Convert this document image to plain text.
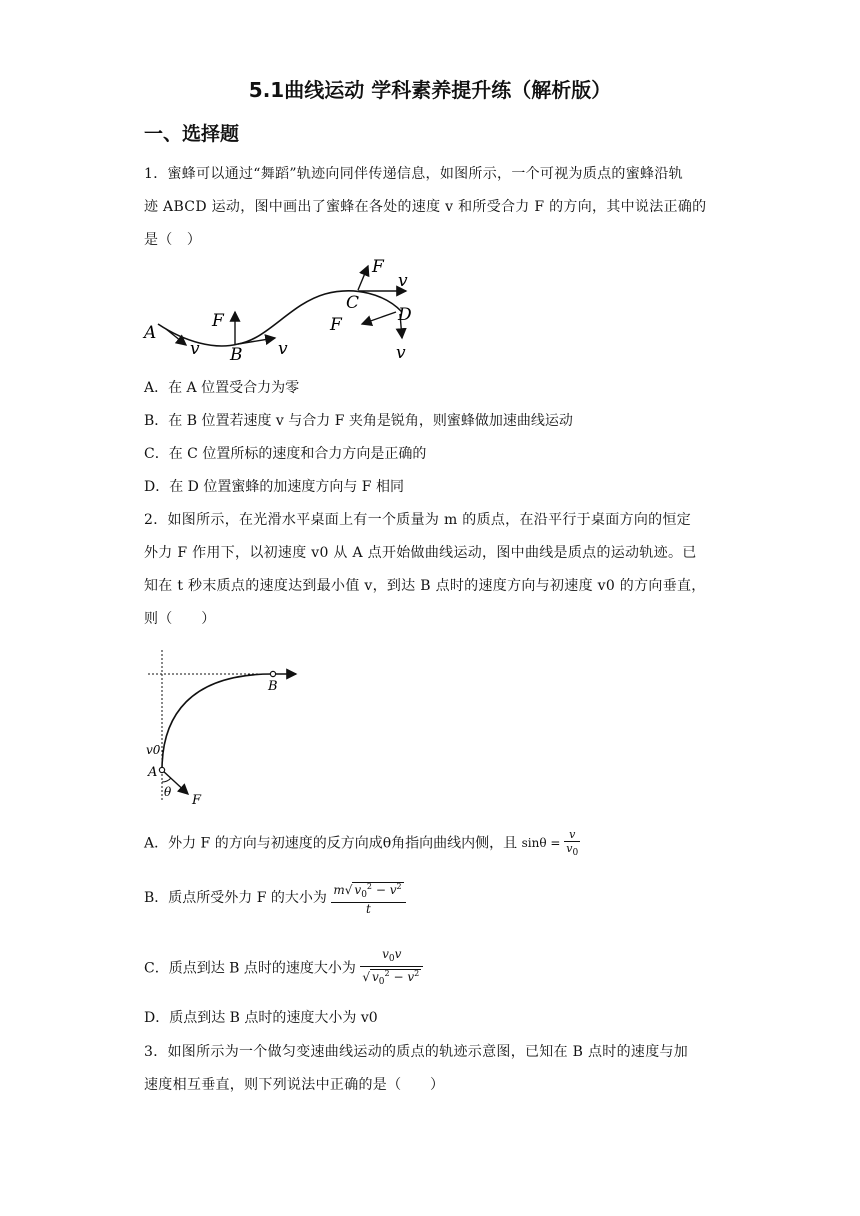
5.1曲线运动 学科素养提升练（解析版）
一、选择题
1．蜜蜂可以通过“舞蹈”轨迹向同伴传递信息，如图所示，一个可视为质点的蜜蜂沿轨
迹 ABCD 运动，图中画出了蜜蜂在各处的速度 v 和所受合力 F 的方向，其中说法正确的
是（　）
A
v
F
B v
F
v
C
D
F
v
A．在 A 位置受合力为零
B．在 B 位置若速度 v 与合力 F 夹角是锐角，则蜜蜂做加速曲线运动
C．在 C 位置所标的速度和合力方向是正确的
D．在 D 位置蜜蜂的加速度方向与 F 相同
2．如图所示，在光滑水平桌面上有一个质量为 m 的质点，在沿平行于桌面方向的恒定
外力 F 作用下，以初速度 v0 从 A 点开始做曲线运动，图中曲线是质点的运动轨迹。已
知在 t 秒末质点的速度达到最小值 v，到达 B 点时的速度方向与初速度 v0 的方向垂直，
则（　　）
B
v0
A
θ
F
A．外力 F 的方向与初速度的反方向成θ角指向曲线内侧，且 $\sin\theta = \frac{v}{v_0}$
B．质点所受外力 F 的大小为 $\frac{m√ v_0^2 - v^2}{t}$
C．质点到达 B 点时的速度大小为 $\frac{v_0v}{√ v_0^2 - v^2}$
D．质点到达 B 点时的速度大小为 v0
3．如图所示为一个做匀变速曲线运动的质点的轨迹示意图，已知在 B 点时的速度与加
速度相互垂直，则下列说法中正确的是（　　）
